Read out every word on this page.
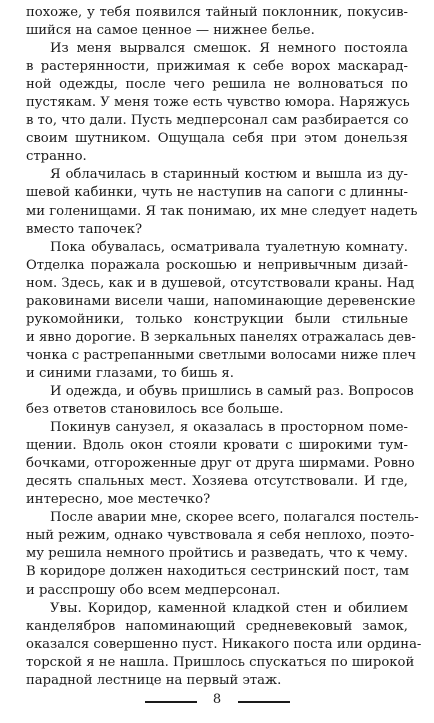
похоже, у тебя появился тайный поклонник, покусив-
шийся на самое ценное — нижнее белье.

Из меня вырвался смешок. Я немного постояла
в растерянности, прижимая к себе ворох маскарад-
ной одежды, после чего решила не волноваться по
пустякам. У меня тоже есть чувство юмора. Наряжусь
в то, что дали. Пусть медперсонал сам разбирается со
своим шутником. Ощущала себя при этом донельзя
странно.

Я облачилась в старинный костюм и вышла из ду-
шевой кабинки, чуть не наступив на сапоги с длинны-
ми голенищами. Я так понимаю, их мне следует надеть
вместо тапочек?

Пока обувалась, осматривала туалетную комнату.
Отделка поражала роскошью и непривычным дизай-
ном. Здесь, как и в душевой, отсутствовали краны. Над
раковинами висели чаши, напоминающие деревенские
рукомойники, только конструкции были стильные
и явно дорогие. В зеркальных панелях отражалась дев-
чонка с растрепанными светлыми волосами ниже плеч
и синими глазами, то бишь я.

И одежда, и обувь пришлись в самый раз. Вопросов
без ответов становилось все больше.

Покинув санузел, я оказалась в просторном поме-
щении. Вдоль окон стояли кровати с широкими тум-
бочками, отгороженные друг от друга ширмами. Ровно
десять спальных мест. Хозяева отсутствовали. И где,
интересно, мое местечко?

После аварии мне, скорее всего, полагался постель-
ный режим, однако чувствовала я себя неплохо, поэто-
му решила немного пройтись и разведать, что к чему.
В коридоре должен находиться сестринский пост, там
и расспрошу обо всем медперсонал.

Увы. Коридор, каменной кладкой стен и обилием
канделябров напоминающий средневековый замок,
оказался совершенно пуст. Никакого поста или ордина-
торской я не нашла. Пришлось спускаться по широкой
парадной лестнице на первый этаж.

8
